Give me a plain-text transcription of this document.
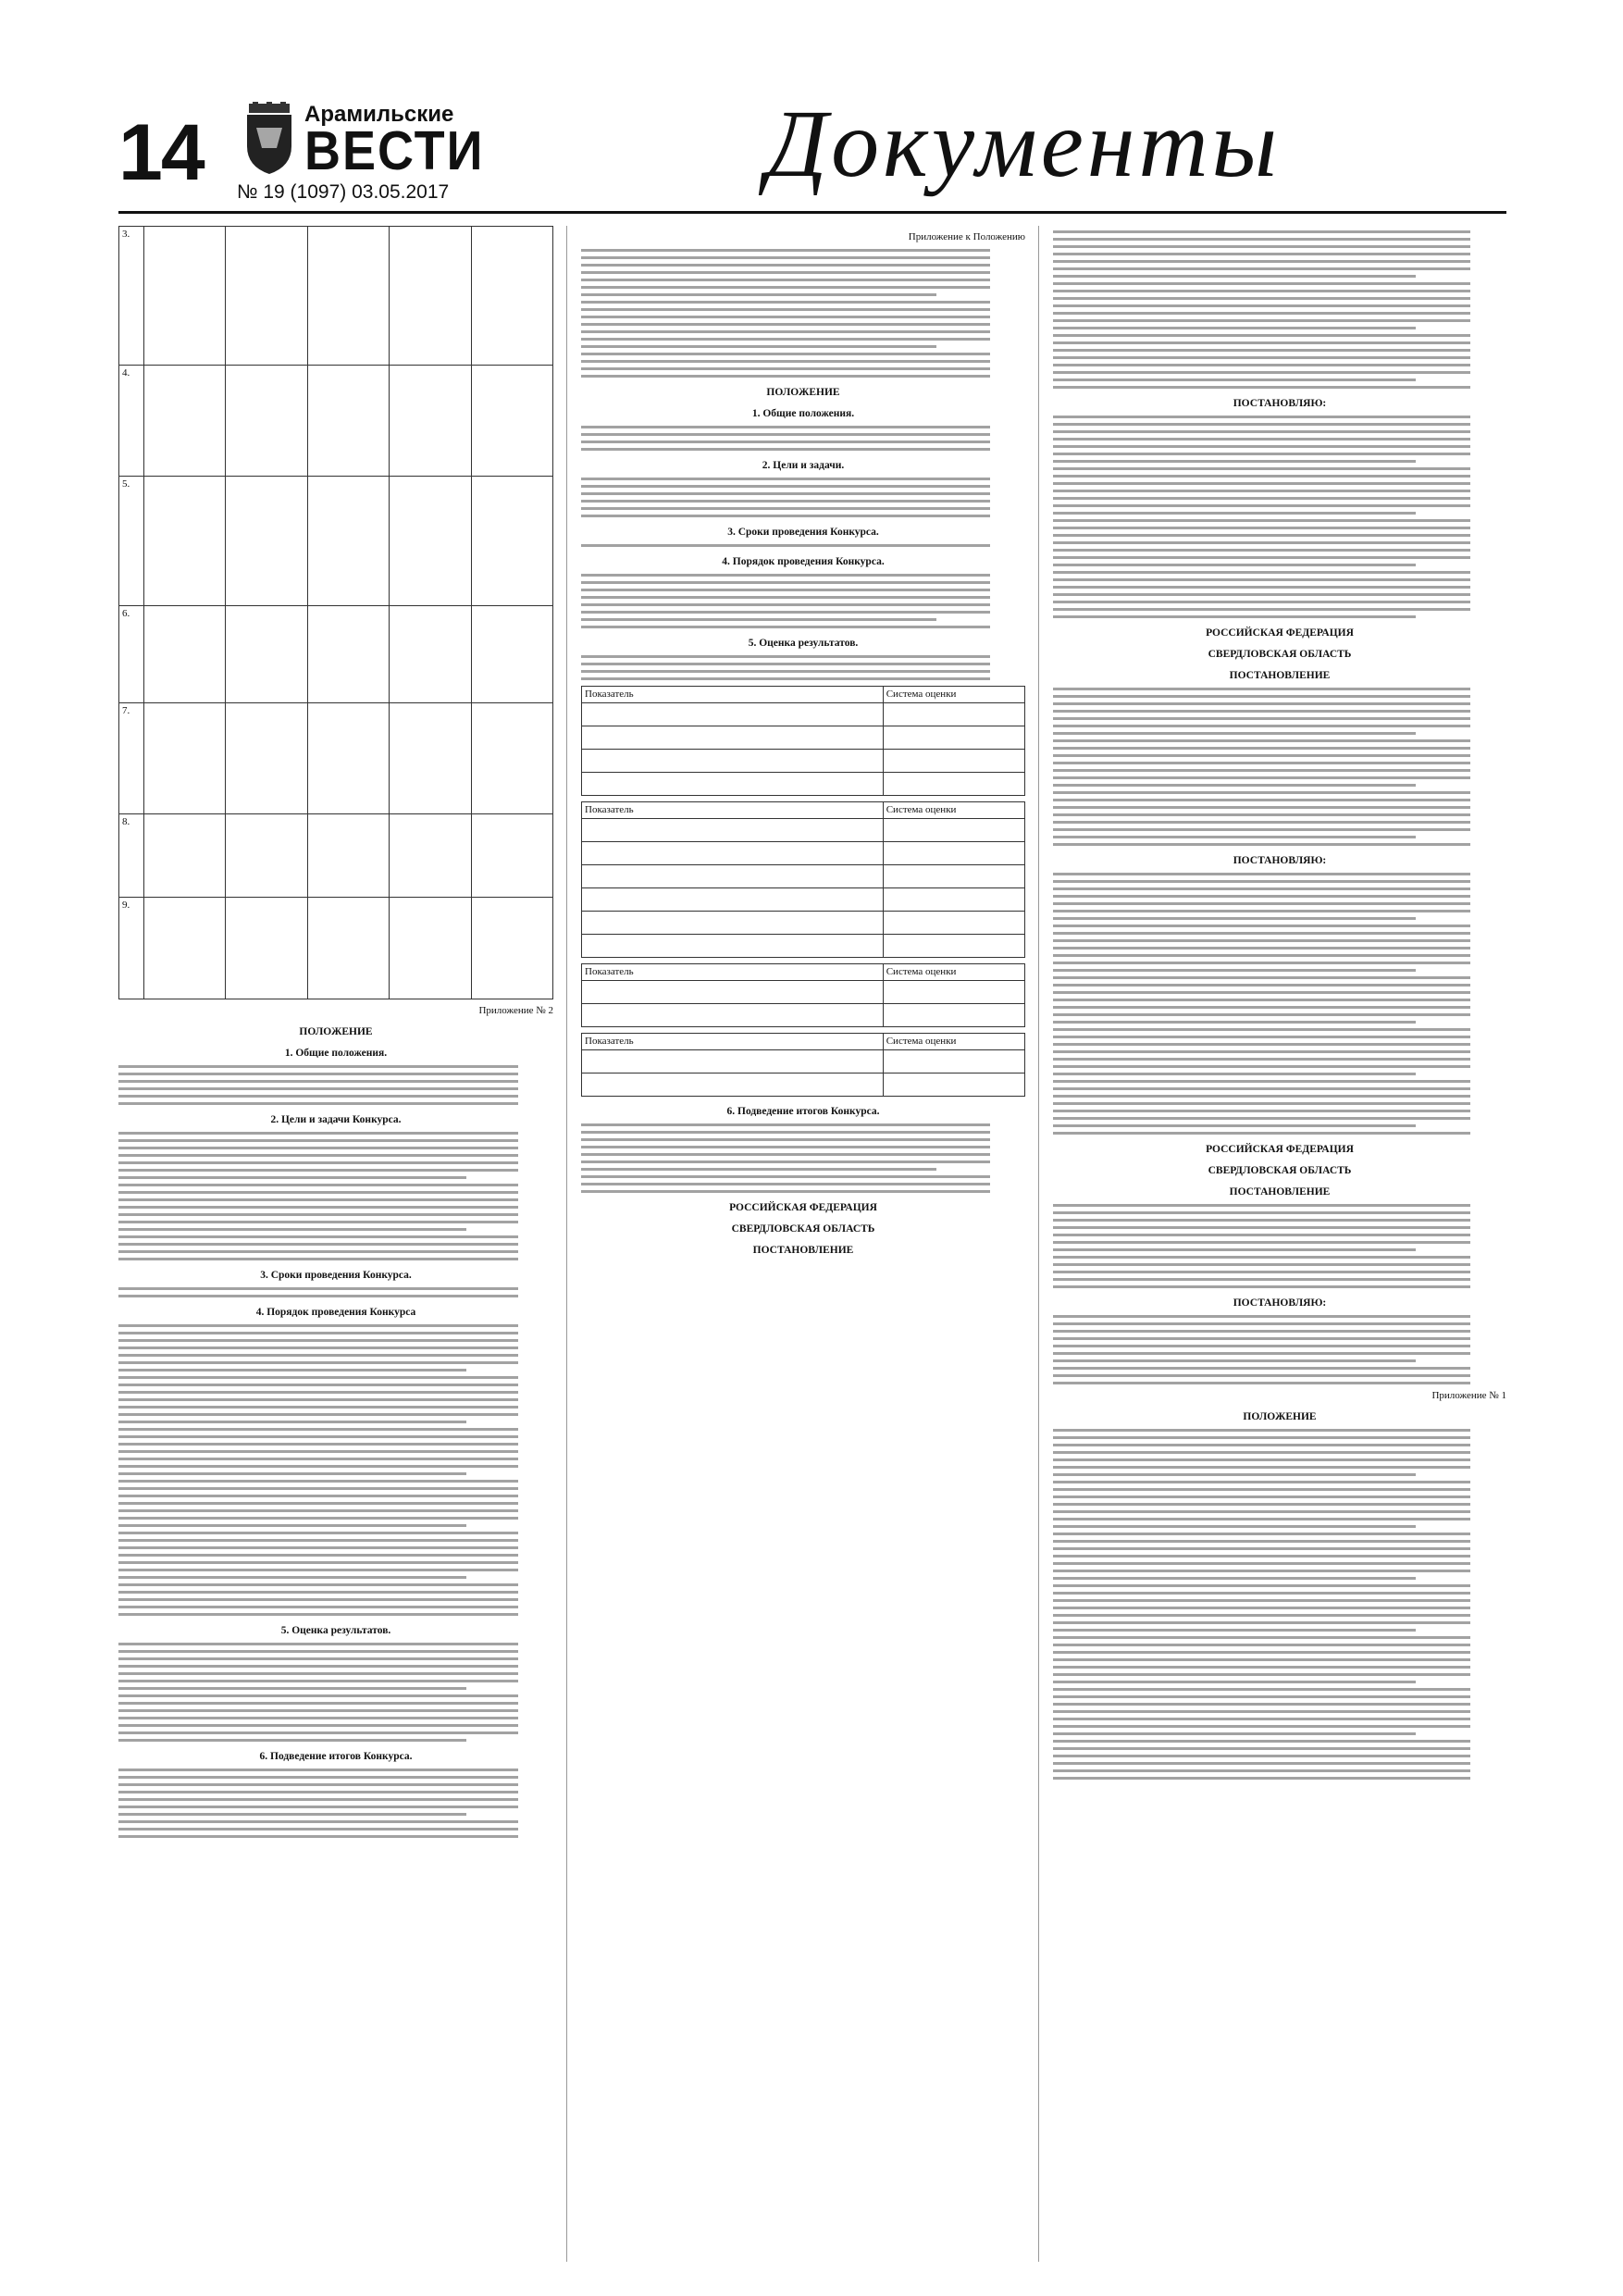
14	Арамильские
ВЕСТИ
№ 19 (1097) 03.05.2017	Документы
3.					
4.					
5.					
6.					
7.					
8.					
9.					
Приложение № 2
ПОЛОЖЕНИЕ
1. Общие положения.
2. Цели и задачи Конкурса.
3. Сроки проведения Конкурса.
4. Порядок проведения Конкурса
5. Оценка результатов.
6. Подведение итогов Конкурса.
Приложение к Положению
ПОЛОЖЕНИЕ
1. Общие положения.
2. Цели и задачи.
3. Сроки проведения Конкурса.
4. Порядок проведения Конкурса.
5. Оценка результатов.
Показатель	Система оценки

Показатель	Система оценки

Показатель	Система оценки

Показатель	Система оценки

6. Подведение итогов Конкурса.
РОССИЙСКАЯ ФЕДЕРАЦИЯ
СВЕРДЛОВСКАЯ ОБЛАСТЬ
ПОСТАНОВЛЕНИЕ
ПОСТАНОВЛЯЮ:
РОССИЙСКАЯ ФЕДЕРАЦИЯ
СВЕРДЛОВСКАЯ ОБЛАСТЬ
ПОСТАНОВЛЕНИЕ
ПОСТАНОВЛЯЮ:
РОССИЙСКАЯ ФЕДЕРАЦИЯ
СВЕРДЛОВСКАЯ ОБЛАСТЬ
ПОСТАНОВЛЕНИЕ
ПОСТАНОВЛЯЮ:
Приложение № 1
ПОЛОЖЕНИЕ
